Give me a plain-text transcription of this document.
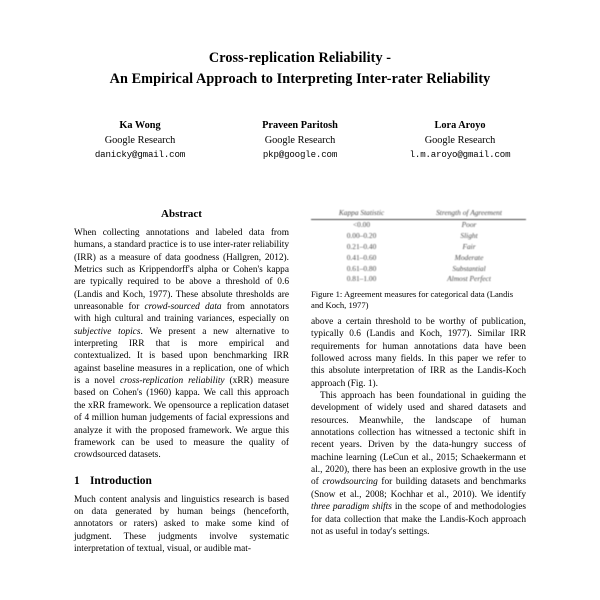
Cross-replication Reliability -
An Empirical Approach to Interpreting Inter-rater Reliability
Ka Wong
Google Research
danicky@gmail.com
Praveen Paritosh
Google Research
pkp@google.com
Lora Aroyo
Google Research
l.m.aroyo@gmail.com
Abstract

When collecting annotations and labeled data from humans, a standard practice is to use inter-rater reliability (IRR) as a measure of data goodness (Hallgren, 2012). Metrics such as Krippendorff's alpha or Cohen's kappa are typically required to be above a threshold of 0.6 (Landis and Koch, 1977). These absolute thresholds are unreasonable for crowd-sourced data from annotators with high cultural and training variances, especially on subjective topics. We present a new alternative to interpreting IRR that is more empirical and contextualized. It is based upon benchmarking IRR against baseline measures in a replication, one of which is a novel cross-replication reliability (xRR) measure based on Cohen's (1960) kappa. We call this approach the xRR framework. We opensource a replication dataset of 4 million human judgements of facial expressions and analyze it with the proposed framework. We argue this framework can be used to measure the quality of crowdsourced datasets.

1 Introduction

Much content analysis and linguistics research is based on data generated by human beings (henceforth, annotators or raters) asked to make some kind of judgment. These judgments involve systematic interpretation of textual, visual, or audible mat-

Kappa Statistic	Strength of Agreement
<0.00	Poor
0.00–0.20	Slight
0.21–0.40	Fair
0.41–0.60	Moderate
0.61–0.80	Substantial
0.81–1.00	Almost Perfect
Figure 1: Agreement measures for categorical data (Landis and Koch, 1977)

above a certain threshold to be worthy of publication, typically 0.6 (Landis and Koch, 1977). Similar IRR requirements for human annotations data have been followed across many fields. In this paper we refer to this absolute interpretation of IRR as the Landis-Koch approach (Fig. 1).

This approach has been foundational in guiding the development of widely used and shared datasets and resources. Meanwhile, the landscape of human annotations collection has witnessed a tectonic shift in recent years. Driven by the data-hungry success of machine learning (LeCun et al., 2015; Schaekermann et al., 2020), there has been an explosive growth in the use of crowdsourcing for building datasets and benchmarks (Snow et al., 2008; Kochhar et al., 2010). We identify three paradigm shifts in the scope of and methodologies for data collection that make the Landis-Koch approach not as useful in today's settings.
